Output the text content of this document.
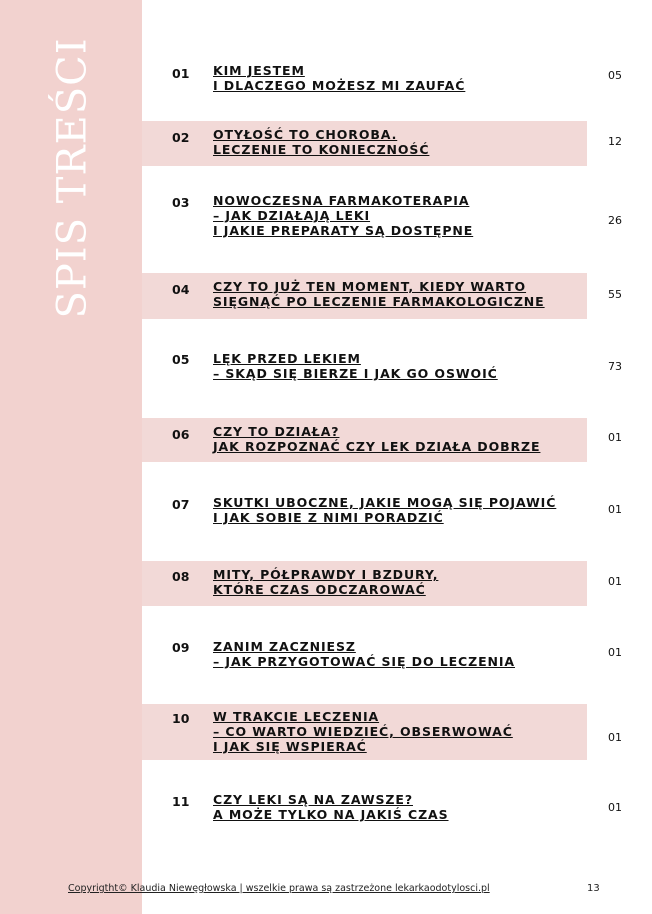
SPIS TREŚCI	01 KIM JESTEM
I DLACZEGO MOŻESZ MI ZAUFAĆ
05
02 OTYŁOŚĆ TO CHOROBA.
LECZENIE TO KONIECZNOŚĆ
12
03 NOWOCZESNA FARMAKOTERAPIA
– JAK DZIAŁAJĄ LEKI
I JAKIE PREPARATY SĄ DOSTĘPNE
26
04 CZY TO JUŻ TEN MOMENT, KIEDY WARTO
SIĘGNĄĆ PO LECZENIE FARMAKOLOGICZNE	55
05 LĘK PRZED LEKIEM
– SKĄD SIĘ BIERZE I JAK GO OSWOIĆ	73
06 CZY TO DZIAŁA?
JAK ROZPOZNAĆ CZY LEK DZIAŁA DOBRZE
01
07 SKUTKI UBOCZNE, JAKIE MOGĄ SIĘ POJAWIĆ
I JAK SOBIE Z NIMI PORADZIĆ
01
08 MITY, PÓŁPRAWDY I BZDURY,
KTÓRE CZAS ODCZAROWAĆ
01
09 ZANIM ZACZNIESZ
– JAK PRZYGOTOWAĆ SIĘ DO LECZENIA
01
10 W TRAKCIE LECZENIA
– CO WARTO WIEDZIEĆ, OBSERWOWAĆ
I JAK SIĘ WSPIERAĆ
01
11 CZY LEKI SĄ NA ZAWSZE?
A MOŻE TYLKO NA JAKIŚ CZAS	01
Copyrigtht© Klaudia Niewęgłowska | wszelkie prawa są zastrzeżone lekarkaodotylosci.pl	13
